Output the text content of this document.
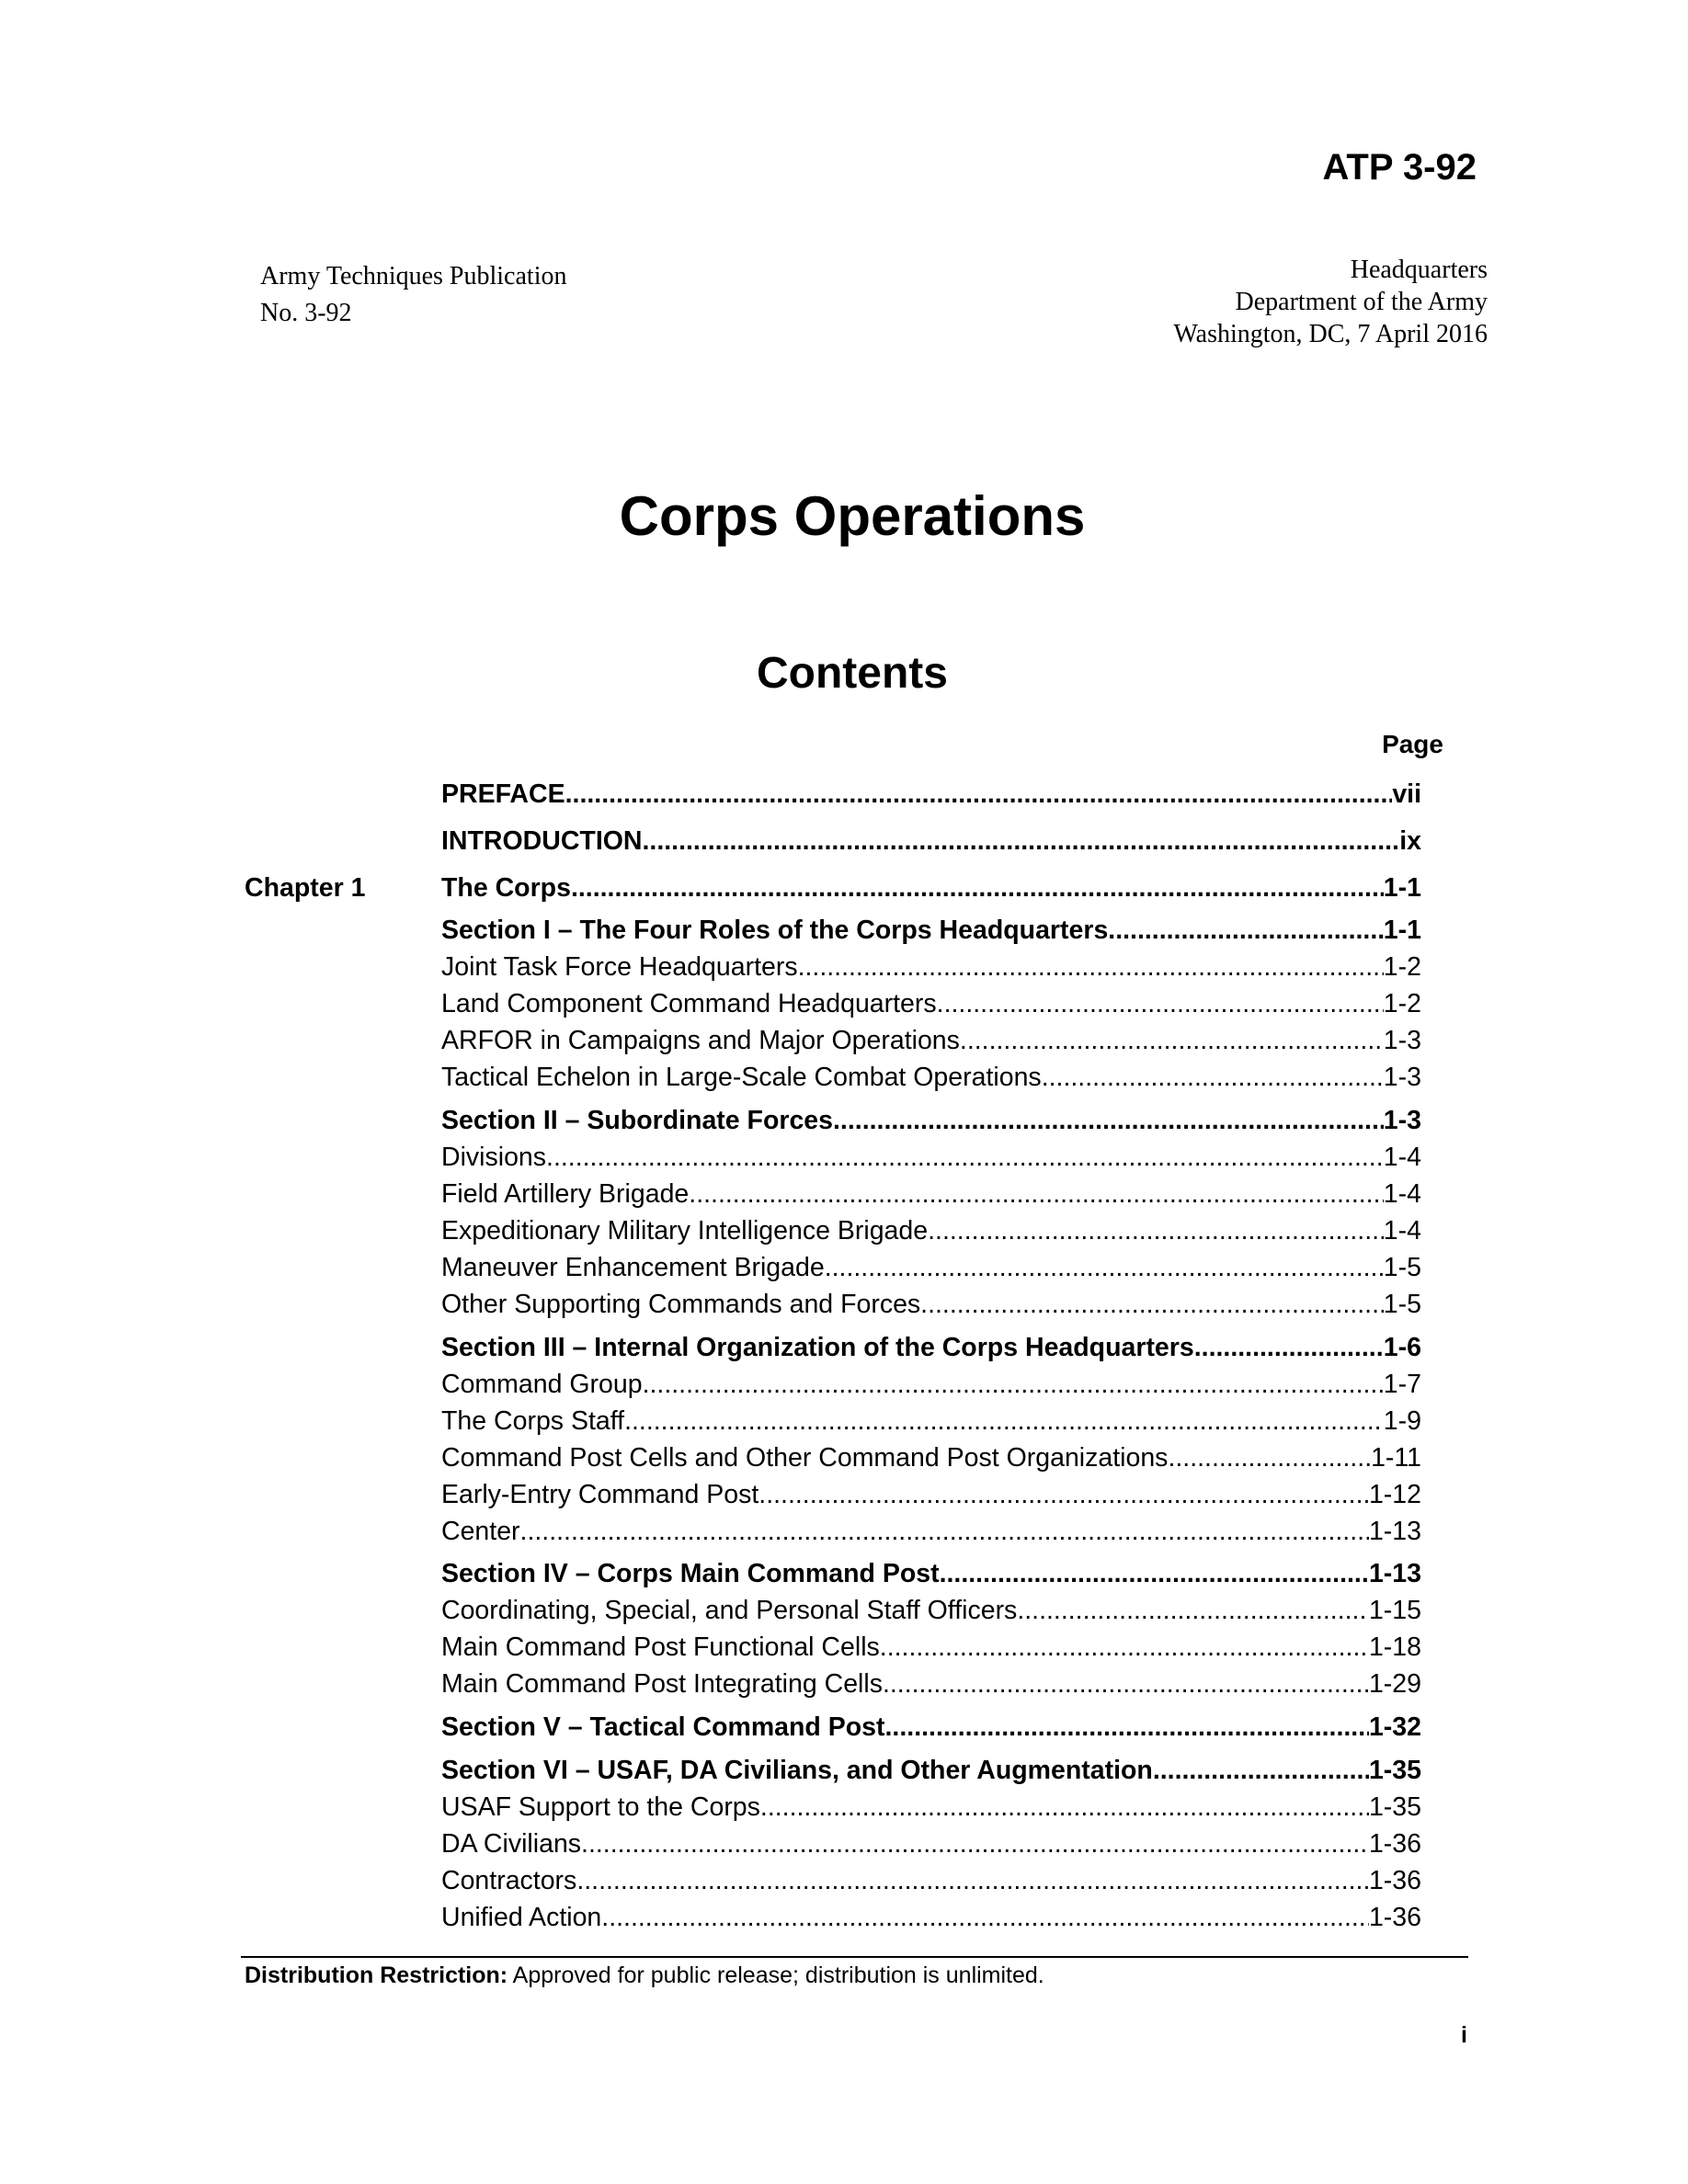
ATP 3-92
Army Techniques Publication
No. 3-92
Headquarters
Department of the Army
Washington, DC, 7 April 2016
Corps Operations
Contents
Page
PREFACE .....	vii
INTRODUCTION .....	ix
Chapter 1	The Corps .....	1-1
Section I – The Four Roles of the Corps Headquarters .....	1-1
Joint Task Force Headquarters .....	1-2
Land Component Command Headquarters .....	1-2
ARFOR in Campaigns and Major Operations .....	1-3
Tactical Echelon in Large-Scale Combat Operations .....	1-3
Section II – Subordinate Forces .....	1-3
Divisions .....	1-4
Field Artillery Brigade .....	1-4
Expeditionary Military Intelligence Brigade .....	1-4
Maneuver Enhancement Brigade .....	1-5
Other Supporting Commands and Forces .....	1-5
Section III – Internal Organization of the Corps Headquarters .....	1-6
Command Group .....	1-7
The Corps Staff .....	1-9
Command Post Cells and Other Command Post Organizations .....	1-11
Early-Entry Command Post .....	1-12
Center .....	1-13
Section IV – Corps Main Command Post .....	1-13
Coordinating, Special, and Personal Staff Officers .....	1-15
Main Command Post Functional Cells .....	1-18
Main Command Post Integrating Cells .....	1-29
Section V – Tactical Command Post .....	1-32
Section VI – USAF, DA Civilians, and Other Augmentation .....	1-35
USAF Support to the Corps .....	1-35
DA Civilians .....	1-36
Contractors .....	1-36
Unified Action .....	1-36
Distribution Restriction: Approved for public release; distribution is unlimited.
i
